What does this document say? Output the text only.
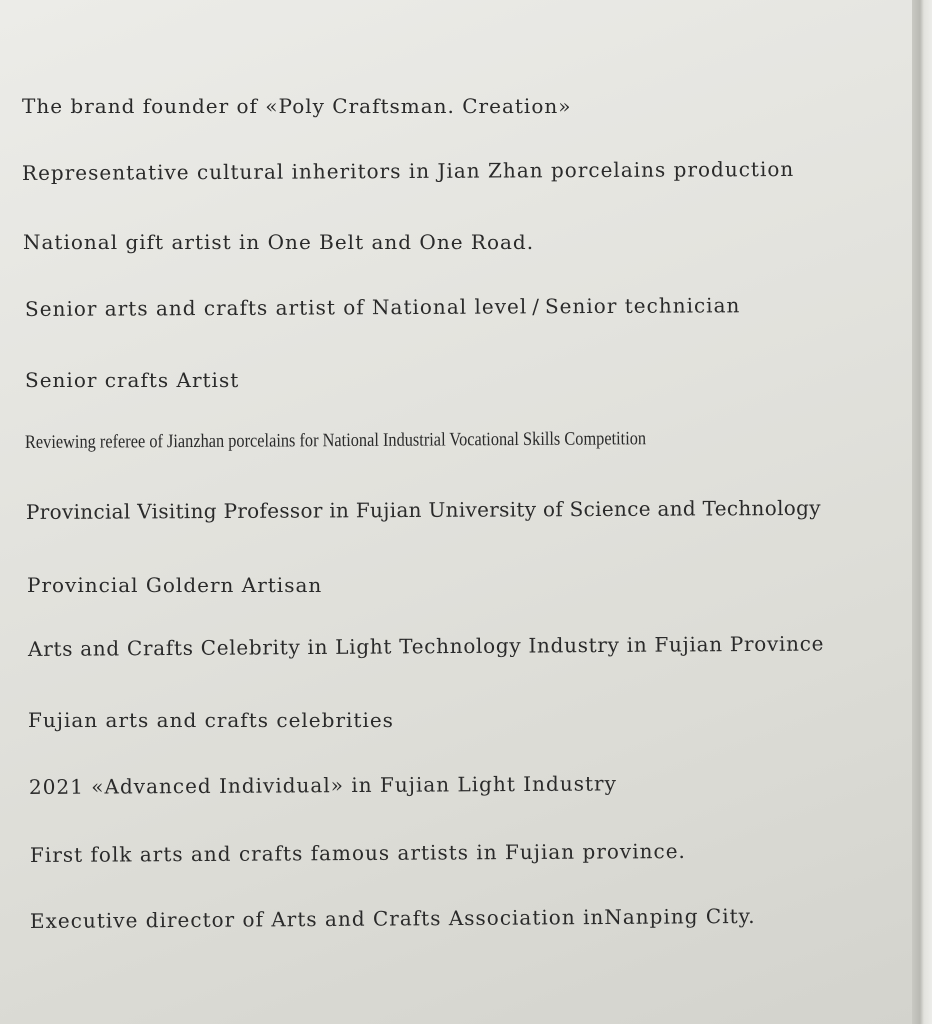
The brand founder of «Poly Craftsman. Creation»

Representative cultural inheritors in Jian Zhan porcelains production

National gift artist in One Belt and One Road.

Senior arts and crafts artist of National level / Senior technician

Senior crafts Artist

Reviewing referee of Jianzhan porcelains for National Industrial Vocational Skills Competition

Provincial Visiting Professor in Fujian University of Science and Technology

Provincial Goldern Artisan

Arts and Crafts Celebrity in Light Technology Industry in Fujian Province

Fujian arts and crafts celebrities

2021 «Advanced Individual» in Fujian Light Industry

First folk arts and crafts famous artists in Fujian province.

Executive director of Arts and Crafts Association inNanping City.
